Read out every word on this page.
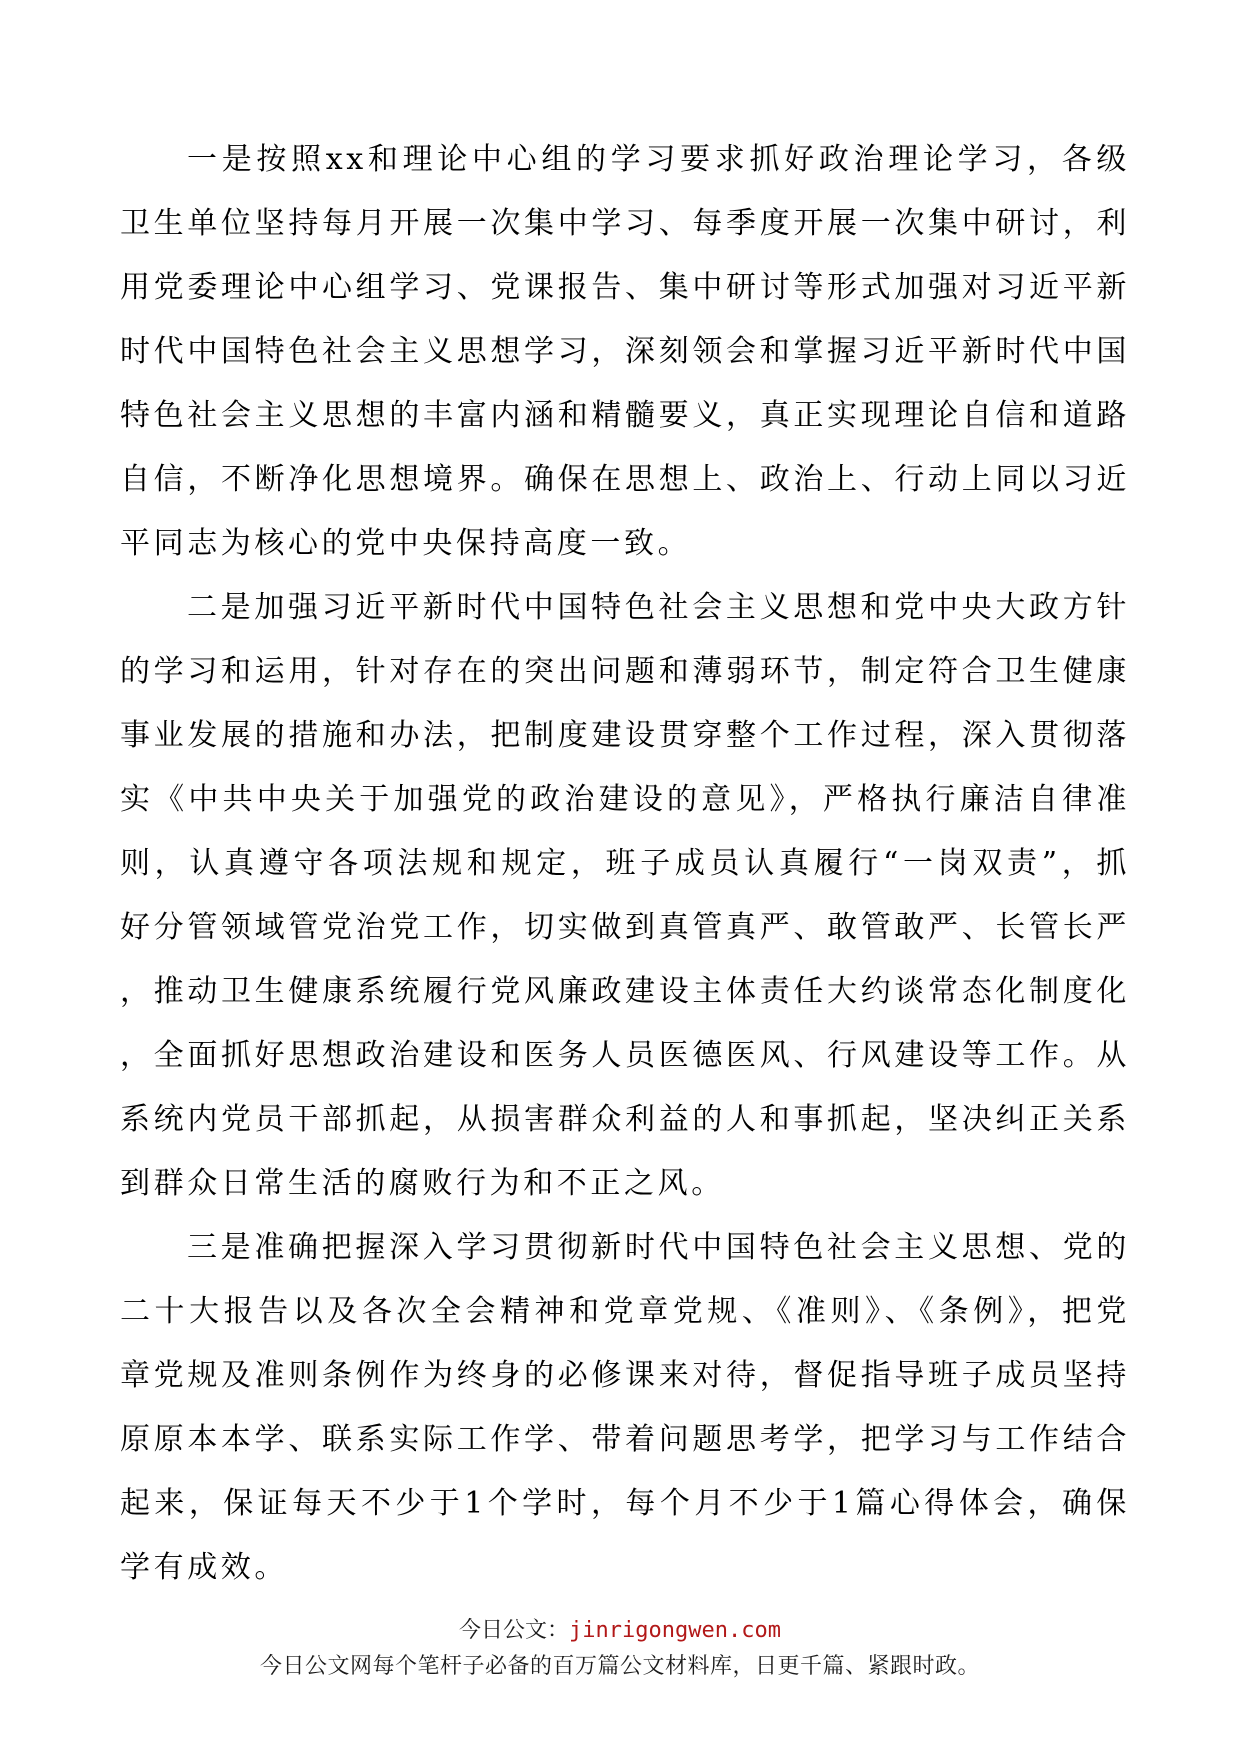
一是按照xx和理论中心组的学习要求抓好政治理论学习，各级卫生单位坚持每月开展一次集中学习、每季度开展一次集中研讨，利用党委理论中心组学习、党课报告、集中研讨等形式加强对习近平新时代中国特色社会主义思想学习，深刻领会和掌握习近平新时代中国特色社会主义思想的丰富内涵和精髓要义，真正实现理论自信和道路自信，不断净化思想境界。确保在思想上、政治上、行动上同以习近平同志为核心的党中央保持高度一致。

二是加强习近平新时代中国特色社会主义思想和党中央大政方针的学习和运用，针对存在的突出问题和薄弱环节，制定符合卫生健康事业发展的措施和办法，把制度建设贯穿整个工作过程，深入贯彻落实《中共中央关于加强党的政治建设的意见》，严格执行廉洁自律准则，认真遵守各项法规和规定，班子成员认真履行“一岗双责”，抓好分管领域管党治党工作，切实做到真管真严、敢管敢严、长管长严，推动卫生健康系统履行党风廉政建设主体责任大约谈常态化制度化，全面抓好思想政治建设和医务人员医德医风、行风建设等工作。从系统内党员干部抓起，从损害群众利益的人和事抓起，坚决纠正关系到群众日常生活的腐败行为和不正之风。

三是准确把握深入学习贯彻新时代中国特色社会主义思想、党的二十大报告以及各次全会精神和党章党规、《准则》、《条例》，把党章党规及准则条例作为终身的必修课来对待，督促指导班子成员坚持原原本本学、联系实际工作学、带着问题思考学，把学习与工作结合起来，保证每天不少于1个学时，每个月不少于1篇心得体会，确保学有成效。

今日公文：jinrigongwen.com
今日公文网每个笔杆子必备的百万篇公文材料库，日更千篇、紧跟时政。
